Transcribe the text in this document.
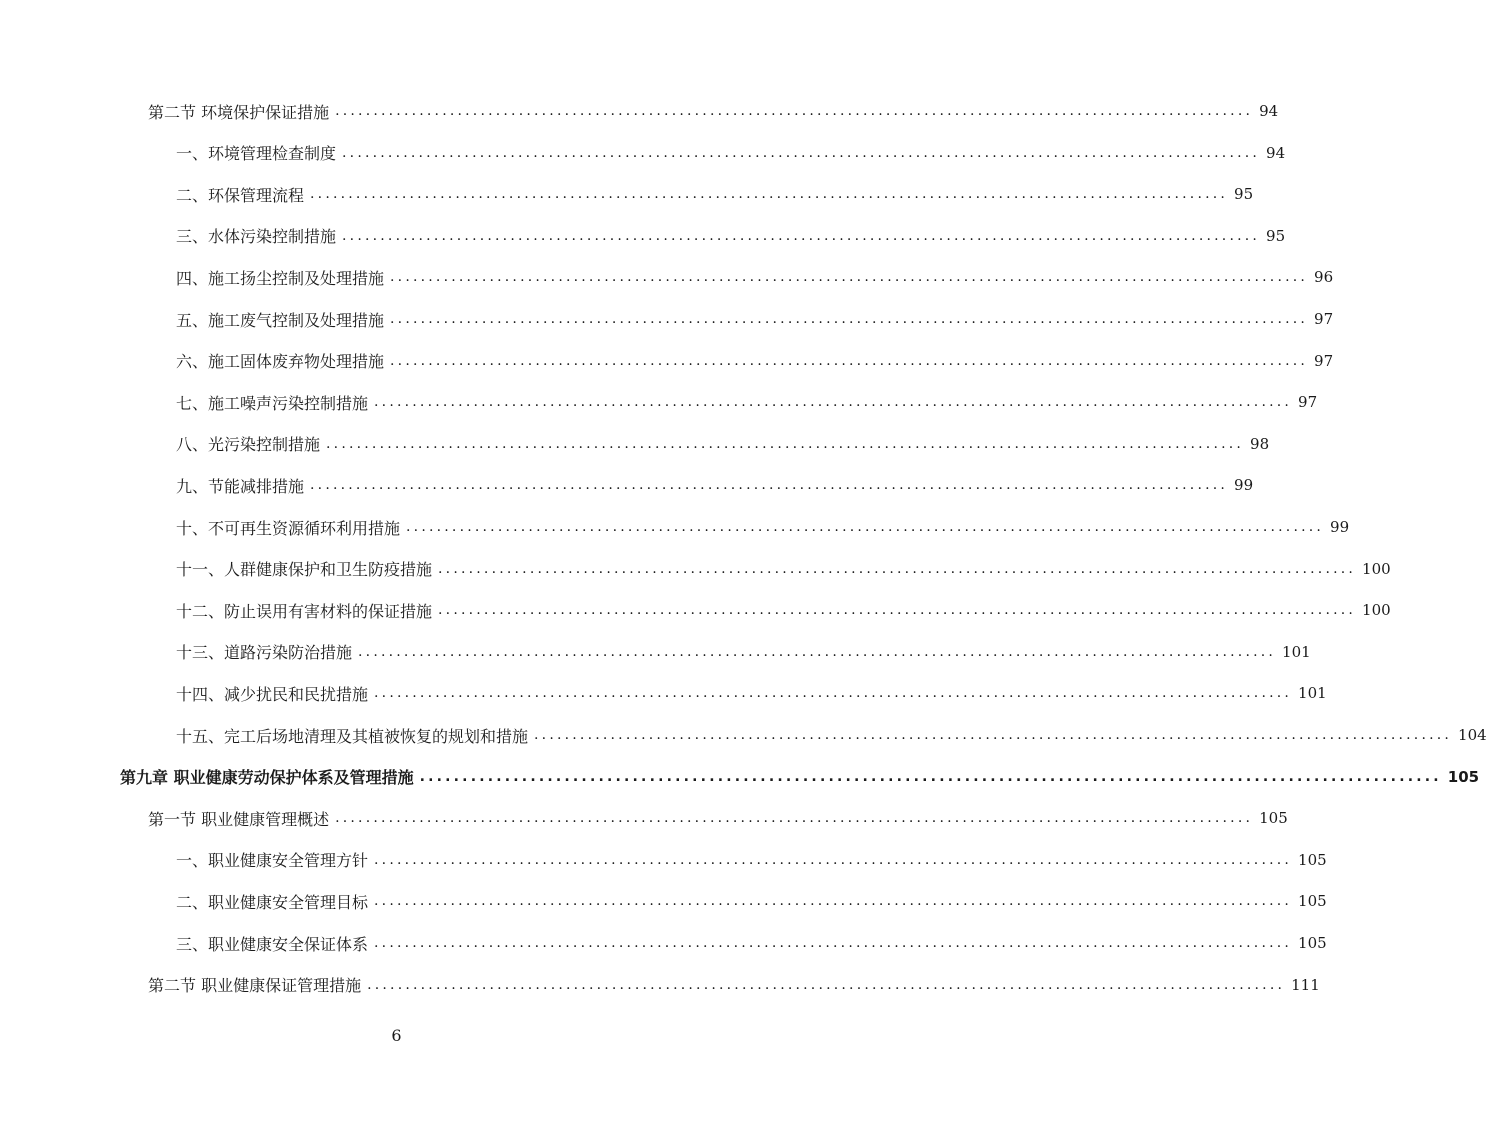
第二节 环境保护保证措施 ........................................................................................................................ 94
一、环境管理检查制度 ........................................................................................................................ 94
二、环保管理流程 ........................................................................................................................ 95
三、水体污染控制措施 ........................................................................................................................ 95
四、施工扬尘控制及处理措施 ........................................................................................................................ 96
五、施工废气控制及处理措施 ........................................................................................................................ 97
六、施工固体废弃物处理措施 ........................................................................................................................ 97
七、施工噪声污染控制措施 ........................................................................................................................ 97
八、光污染控制措施 ........................................................................................................................ 98
九、节能减排措施 ........................................................................................................................ 99
十、不可再生资源循环利用措施 ........................................................................................................................ 99
十一、人群健康保护和卫生防疫措施 ........................................................................................................................ 100
十二、防止误用有害材料的保证措施 ........................................................................................................................ 100
十三、道路污染防治措施 ........................................................................................................................ 101
十四、减少扰民和民扰措施 ........................................................................................................................ 101
十五、完工后场地清理及其植被恢复的规划和措施 ........................................................................................................................ 104
第九章 职业健康劳动保护体系及管理措施 ........................................................................................................................ 105
第一节 职业健康管理概述 ........................................................................................................................ 105
一、职业健康安全管理方针 ........................................................................................................................ 105
二、职业健康安全管理目标 ........................................................................................................................ 105
三、职业健康安全保证体系 ........................................................................................................................ 105
第二节 职业健康保证管理措施 ........................................................................................................................ 111
6
